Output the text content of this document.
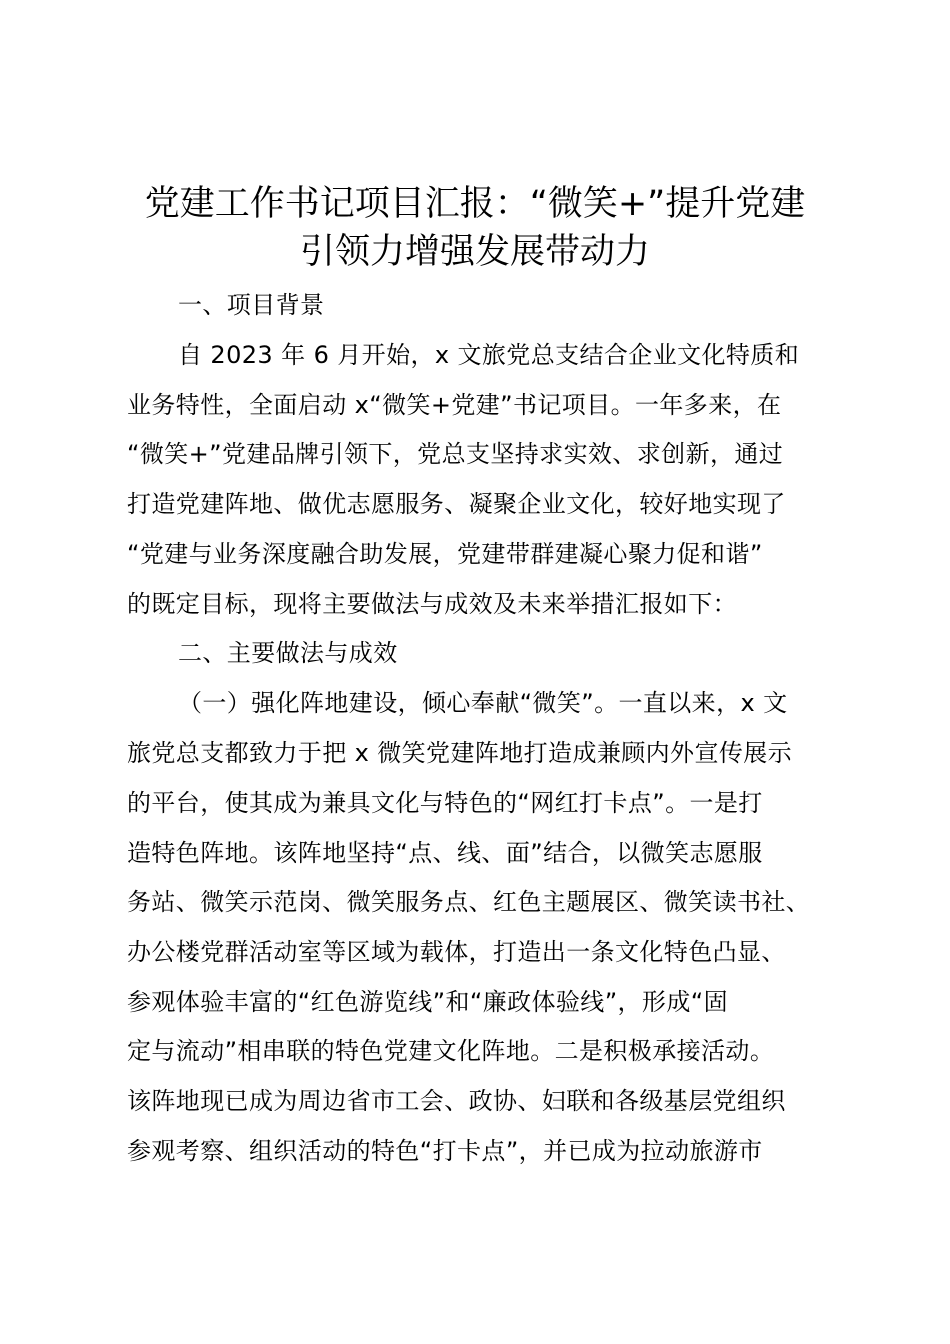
党建工作书记项目汇报：“微笑+”提升党建
引领力增强发展带动力
一、项目背景
自 2023 年 6 月开始，x 文旅党总支结合企业文化特质和
业务特性，全面启动 x“微笑+党建”书记项目。一年多来，在
“微笑+”党建品牌引领下，党总支坚持求实效、求创新，通过
打造党建阵地、做优志愿服务、凝聚企业文化，较好地实现了
“党建与业务深度融合助发展，党建带群建凝心聚力促和谐”
的既定目标，现将主要做法与成效及未来举措汇报如下：
二、主要做法与成效
（一）强化阵地建设，倾心奉献“微笑”。一直以来，x 文
旅党总支都致力于把 x 微笑党建阵地打造成兼顾内外宣传展示
的平台，使其成为兼具文化与特色的“网红打卡点”。一是打
造特色阵地。该阵地坚持“点、线、面”结合，以微笑志愿服
务站、微笑示范岗、微笑服务点、红色主题展区、微笑读书社、
办公楼党群活动室等区域为载体，打造出一条文化特色凸显、
参观体验丰富的“红色游览线”和“廉政体验线”，形成“固
定与流动”相串联的特色党建文化阵地。二是积极承接活动。
该阵地现已成为周边省市工会、政协、妇联和各级基层党组织
参观考察、组织活动的特色“打卡点”，并已成为拉动旅游市
